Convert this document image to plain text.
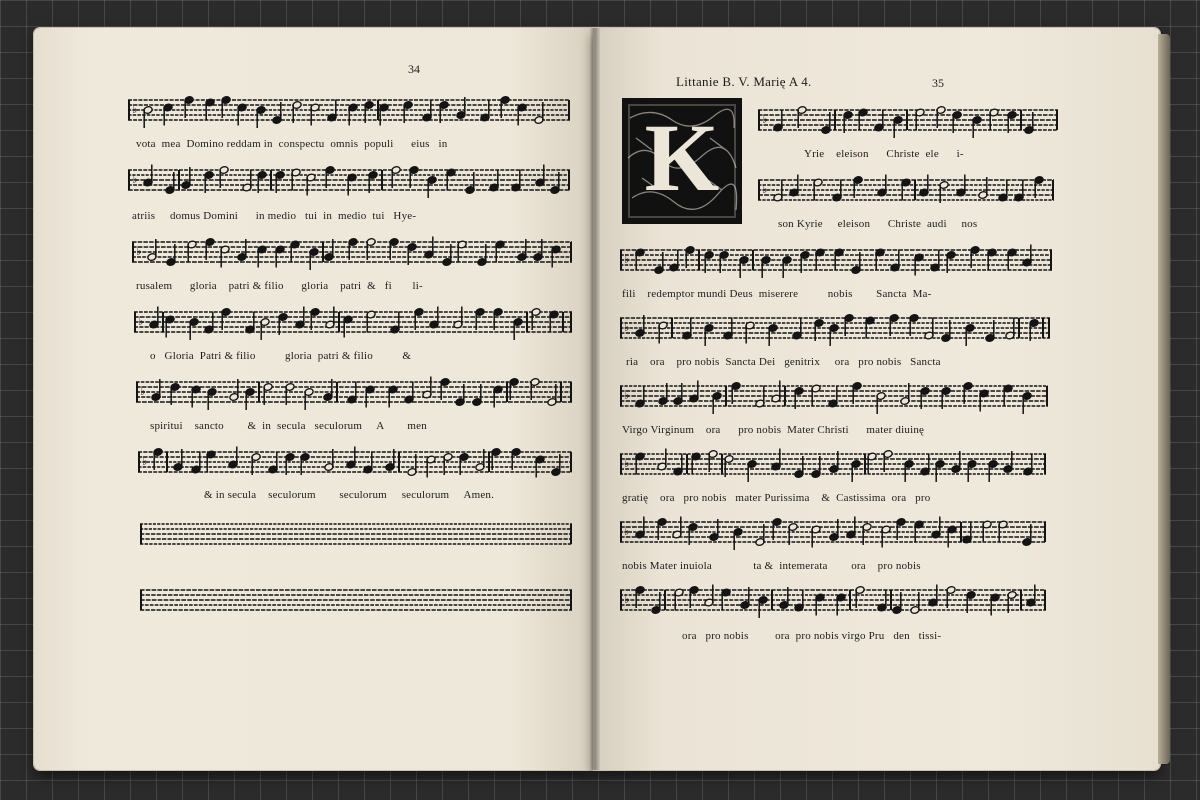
34
Littanie B. V. Marię A 4.	35
K
♭
vota  mea  Domino reddam in  conspectu  omnis  populi      eius   in
♭
atriis     domus Domini      in medio   tui  in  medio  tui   Hye-
♭
rusalem      gloria    patri & filio      gloria    patri  &   fi       li-
♭
o   Gloria  Patri & filio          gloria  patri & filio          &
♭
spiritui    sancto        &  in  secula   seculorum     A        men
♭
& in secula    seculorum        seculorum     seculorum     Amen.
♭
Yrie    eleison      Christe  ele      i-
♭
son Kyrie     eleison      Christe  audi     nos
♭
fili    redemptor mundi Deus  miserere          nobis        Sancta  Ma-
♭
ria    ora    pro nobis  Sancta Dei   genitrix     ora   pro nobis   Sancta
♭
Virgo Virginum    ora      pro nobis  Mater Christi      mater diuinę
♭
gratię    ora   pro nobis   mater Purissima    &  Castissima  ora   pro
♭
nobis Mater inuiola              ta &  intemerata        ora    pro nobis
♭
ora   pro nobis         ora  pro nobis virgo Pru   den   tissi-
